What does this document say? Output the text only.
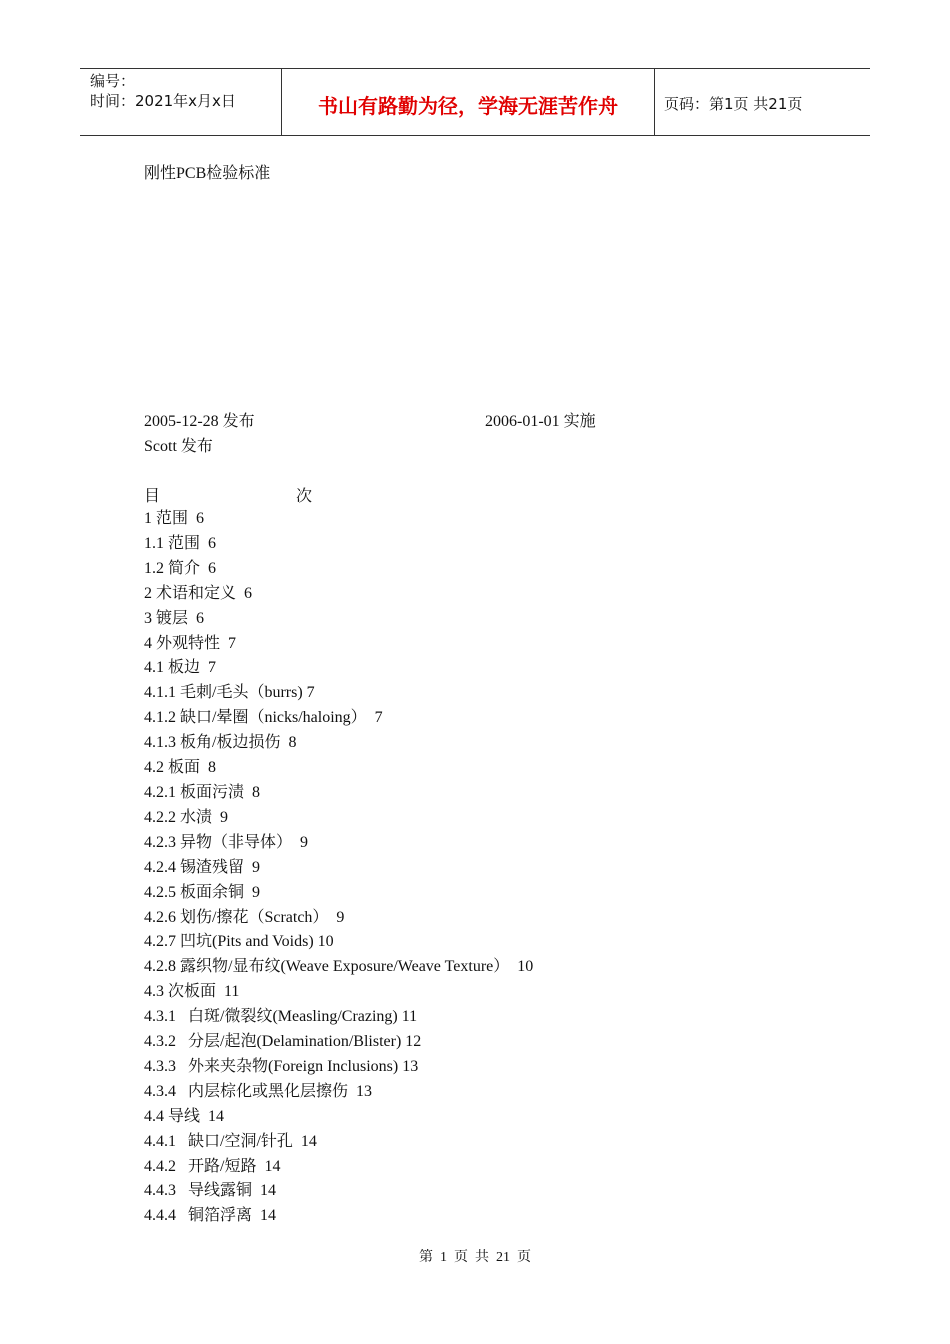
编号：
时间：2021年x月x日	书山有路勤为径，学海无涯苦作舟	页码：第1页 共21页
刚性PCB检验标准
2005-12-28 发布	2006-01-01 实施
Scott 发布
目	次
1 范围  6
1.1 范围  6
1.2 简介  6
2 术语和定义  6
3 镀层  6
4 外观特性  7
4.1 板边  7
4.1.1 毛刺/毛头（burrs) 7
4.1.2 缺口/晕圈（nicks/haloing）  7
4.1.3 板角/板边损伤  8
4.2 板面  8
4.2.1 板面污渍  8
4.2.2 水渍  9
4.2.3 异物（非导体）  9
4.2.4 锡渣残留  9
4.2.5 板面余铜  9
4.2.6 划伤/擦花（Scratch）  9
4.2.7 凹坑(Pits and Voids) 10
4.2.8 露织物/显布纹(Weave Exposure/Weave Texture）  10
4.3 次板面  11
4.3.1   白斑/微裂纹(Measling/Crazing) 11
4.3.2   分层/起泡(Delamination/Blister) 12
4.3.3   外来夹杂物(Foreign Inclusions) 13
4.3.4   内层棕化或黑化层擦伤  13
4.4 导线  14
4.4.1   缺口/空洞/针孔  14
4.4.2   开路/短路  14
4.4.3   导线露铜  14
4.4.4   铜箔浮离  14
第  1  页  共  21  页
